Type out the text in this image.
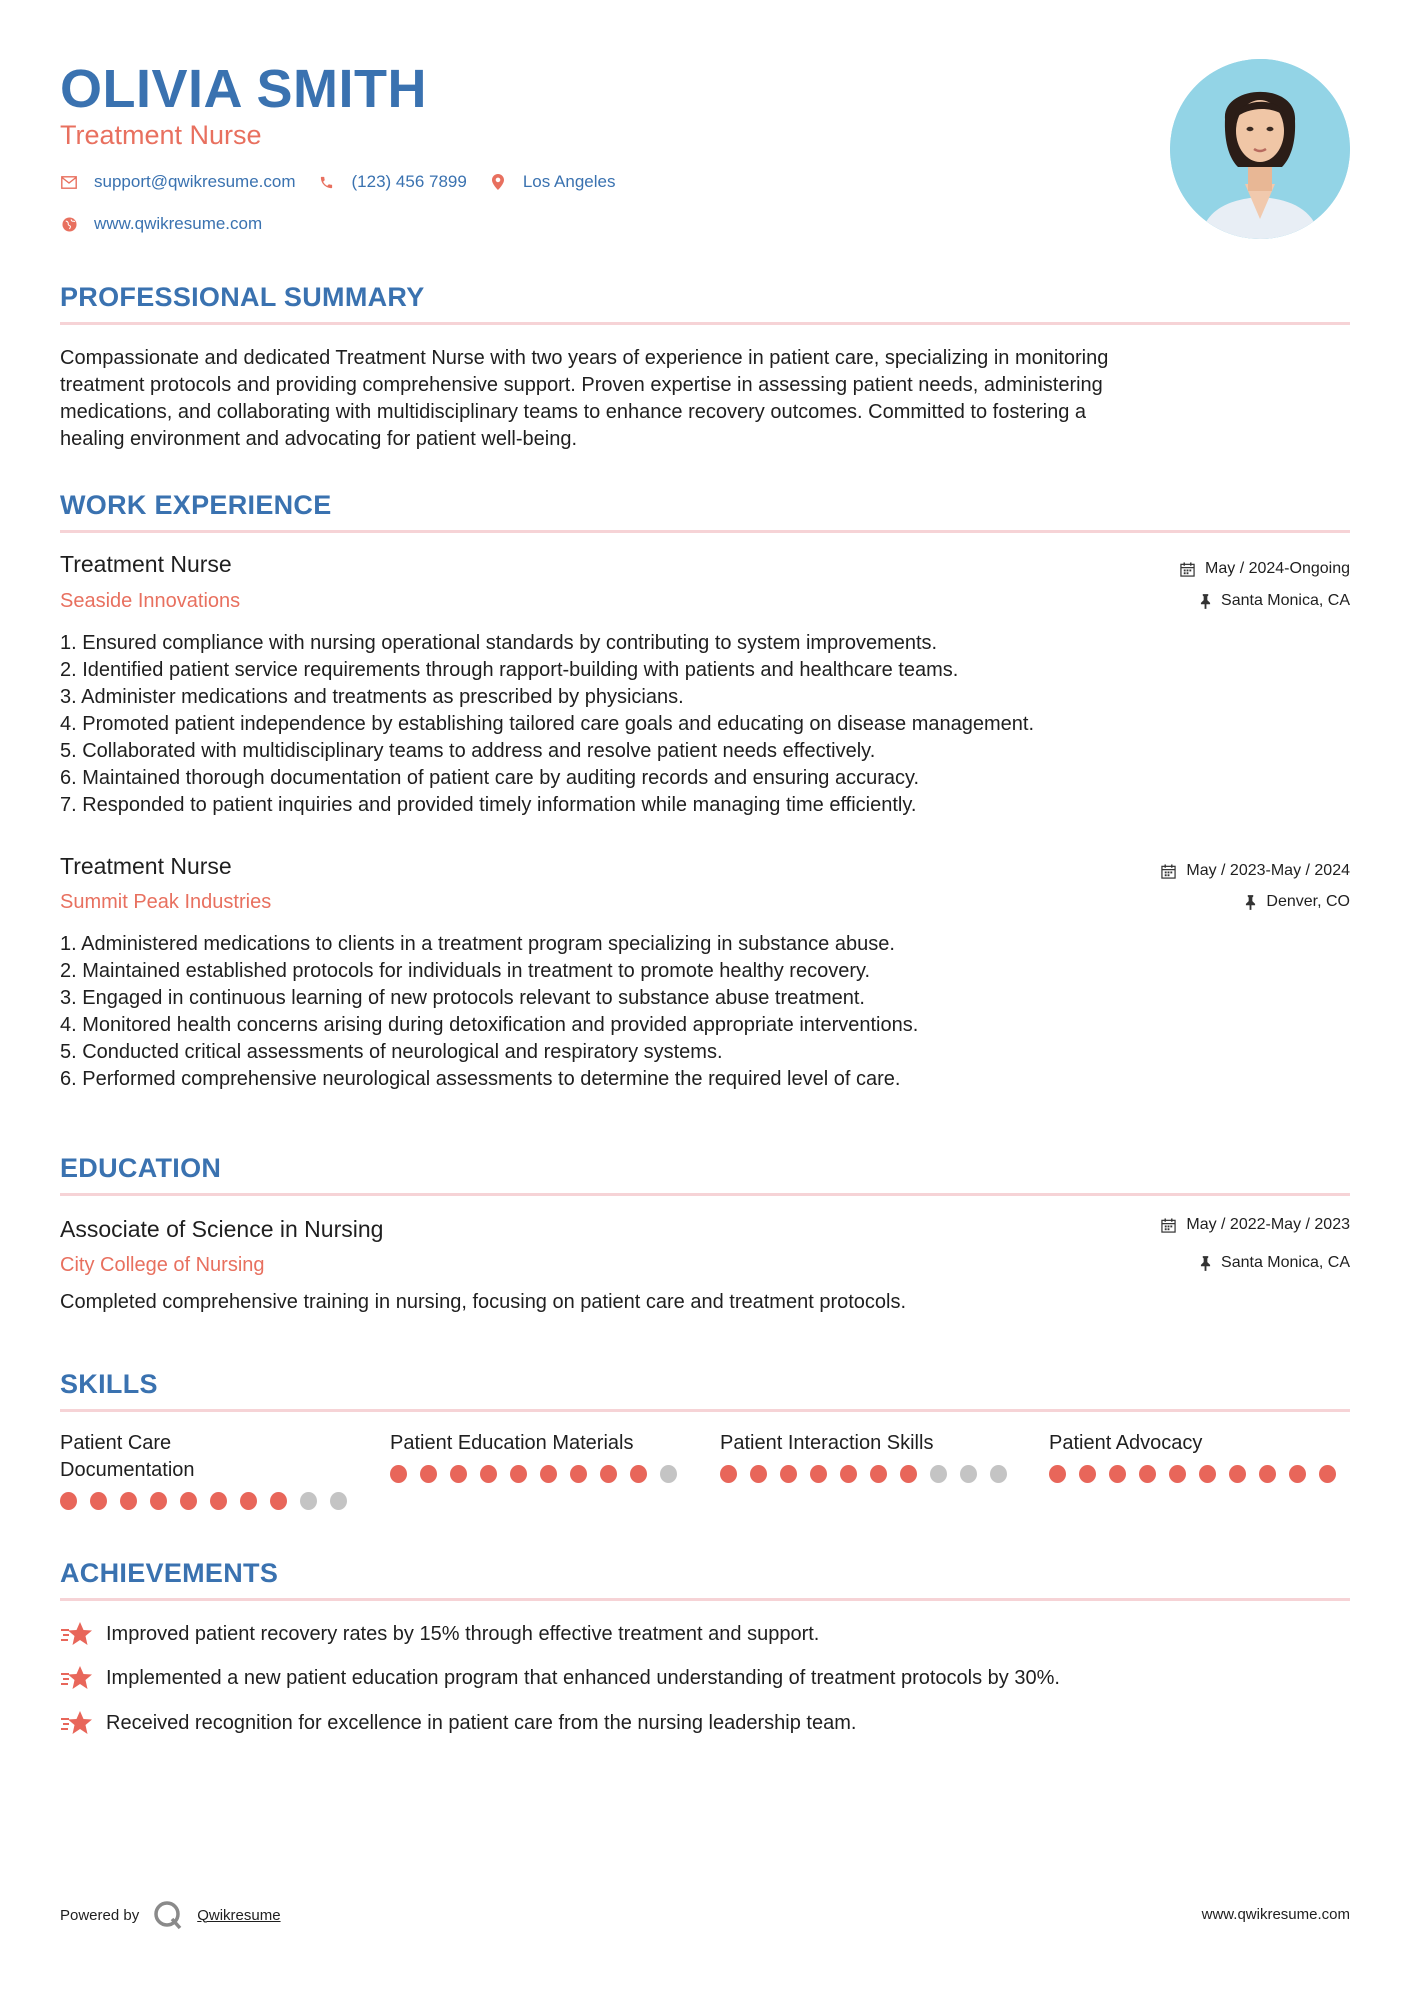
OLIVIA SMITH
Treatment Nurse
support@qwikresume.com	(123) 456 7899	Los Angeles
www.qwikresume.com
PROFESSIONAL SUMMARY
Compassionate and dedicated Treatment Nurse with two years of experience in patient care, specializing in monitoring
treatment protocols and providing comprehensive support. Proven expertise in assessing patient needs, administering
medications, and collaborating with multidisciplinary teams to enhance recovery outcomes. Committed to fostering a
healing environment and advocating for patient well-being.
WORK EXPERIENCE
Treatment Nurse
Seaside Innovations
May / 2024-Ongoing
Santa Monica, CA
1. Ensured compliance with nursing operational standards by contributing to system improvements.
2. Identified patient service requirements through rapport-building with patients and healthcare teams.
3. Administer medications and treatments as prescribed by physicians.
4. Promoted patient independence by establishing tailored care goals and educating on disease management.
5. Collaborated with multidisciplinary teams to address and resolve patient needs effectively.
6. Maintained thorough documentation of patient care by auditing records and ensuring accuracy.
7. Responded to patient inquiries and provided timely information while managing time efficiently.
Treatment Nurse
Summit Peak Industries
May / 2023-May / 2024
Denver, CO
1. Administered medications to clients in a treatment program specializing in substance abuse.
2. Maintained established protocols for individuals in treatment to promote healthy recovery.
3. Engaged in continuous learning of new protocols relevant to substance abuse treatment.
4. Monitored health concerns arising during detoxification and provided appropriate interventions.
5. Conducted critical assessments of neurological and respiratory systems.
6. Performed comprehensive neurological assessments to determine the required level of care.
EDUCATION
Associate of Science in Nursing
City College of Nursing
May / 2022-May / 2023
Santa Monica, CA
Completed comprehensive training in nursing, focusing on patient care and treatment protocols.
SKILLS
Patient Care
Documentation
Patient Education Materials	Patient Interaction Skills	Patient Advocacy
ACHIEVEMENTS
Improved patient recovery rates by 15% through effective treatment and support.
Implemented a new patient education program that enhanced understanding of treatment protocols by 30%.
Received recognition for excellence in patient care from the nursing leadership team.
Powered by	Qwikresume	www.qwikresume.com
